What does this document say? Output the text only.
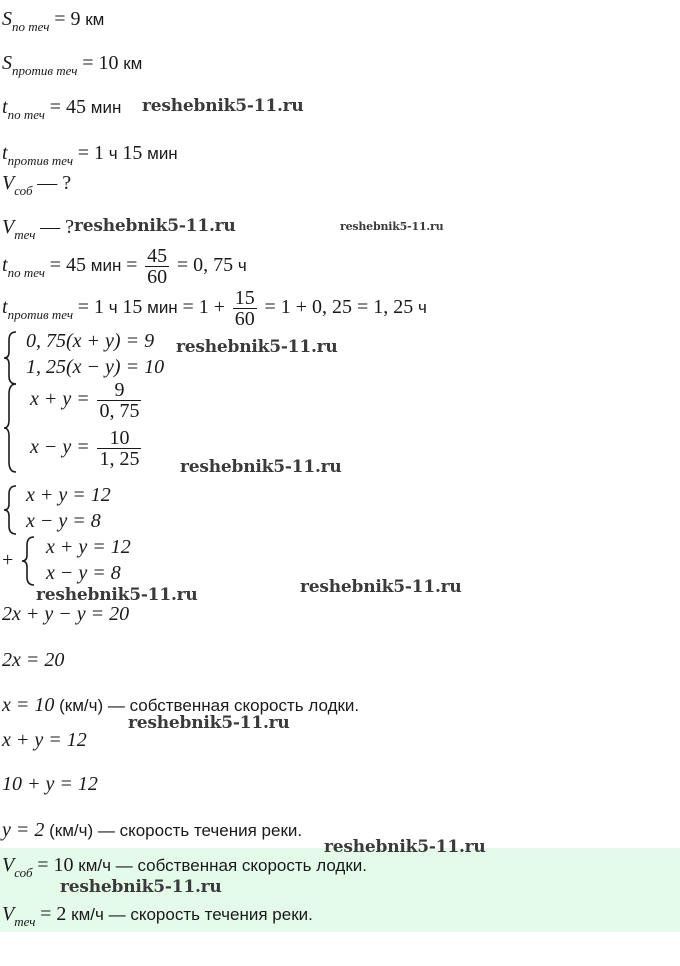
$S_{по теч} = 9$ км
$S_{против теч} = 10$ км
$t_{по теч} = 45$ мин
$t_{против теч} = 1$ ч 15 мин
$V_{соб}$ — ?
$V_{теч}$ — ?
$t_{по теч} = 45$ мин = $\frac{45}{60} = 0$, 75 ч
$t_{против теч} = 1$ ч 15 мин = $1 + \frac{15}{60} = 1 + 0$, 25 = 1, 25 ч
0, 75(x + y) = 9
1, 25(x − y) = 10
$x + y = \frac{9}{0, 75}$
$x - y = \frac{10}{1, 25}$
x + y = 12
x − y = 8
+
x + y = 12
x − y = 8
2x + y − y = 20
2x = 20
x = 10 (км/ч) — собственная скорость лодки.
x + y = 12
10 + y = 12
y = 2 (км/ч) — скорость течения реки.
$V_{соб} = 10$ км/ч — собственная скорость лодки.
$V_{теч} = 2$ км/ч — скорость течения реки.
reshebnik5-11.ru
reshebnik5-11.ru	reshebnik5-11.ru
reshebnik5-11.ru
reshebnik5-11.ru
reshebnik5-11.ru
reshebnik5-11.ru
reshebnik5-11.ru
reshebnik5-11.ru
reshebnik5-11.ru
